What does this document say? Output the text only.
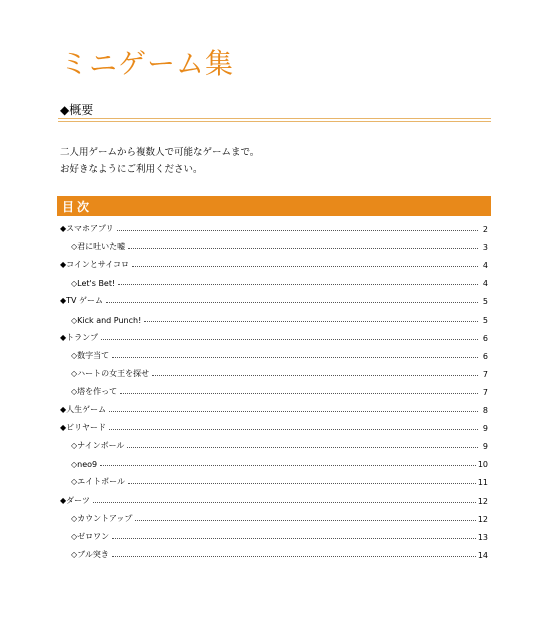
ミニゲーム集
◆概要
二人用ゲームから複数人で可能なゲームまで。
お好きなようにご利用ください。
目次
◆スマホアプリ	2
◇君に吐いた嘘	3
◆コインとサイコロ	4
◇Let's Bet!	4
◆TV ゲーム	5
◇Kick and Punch!	5
◆トランプ	6
◇数字当て	6
◇ハートの女王を探せ	7
◇塔を作って	7
◆人生ゲーム	8
◆ビリヤード	9
◇ナインボール	9
◇neo9	10
◇エイトボール	11
◆ダーツ	12
◇カウントアップ	12
◇ゼロワン	13
◇ブル突き	14
